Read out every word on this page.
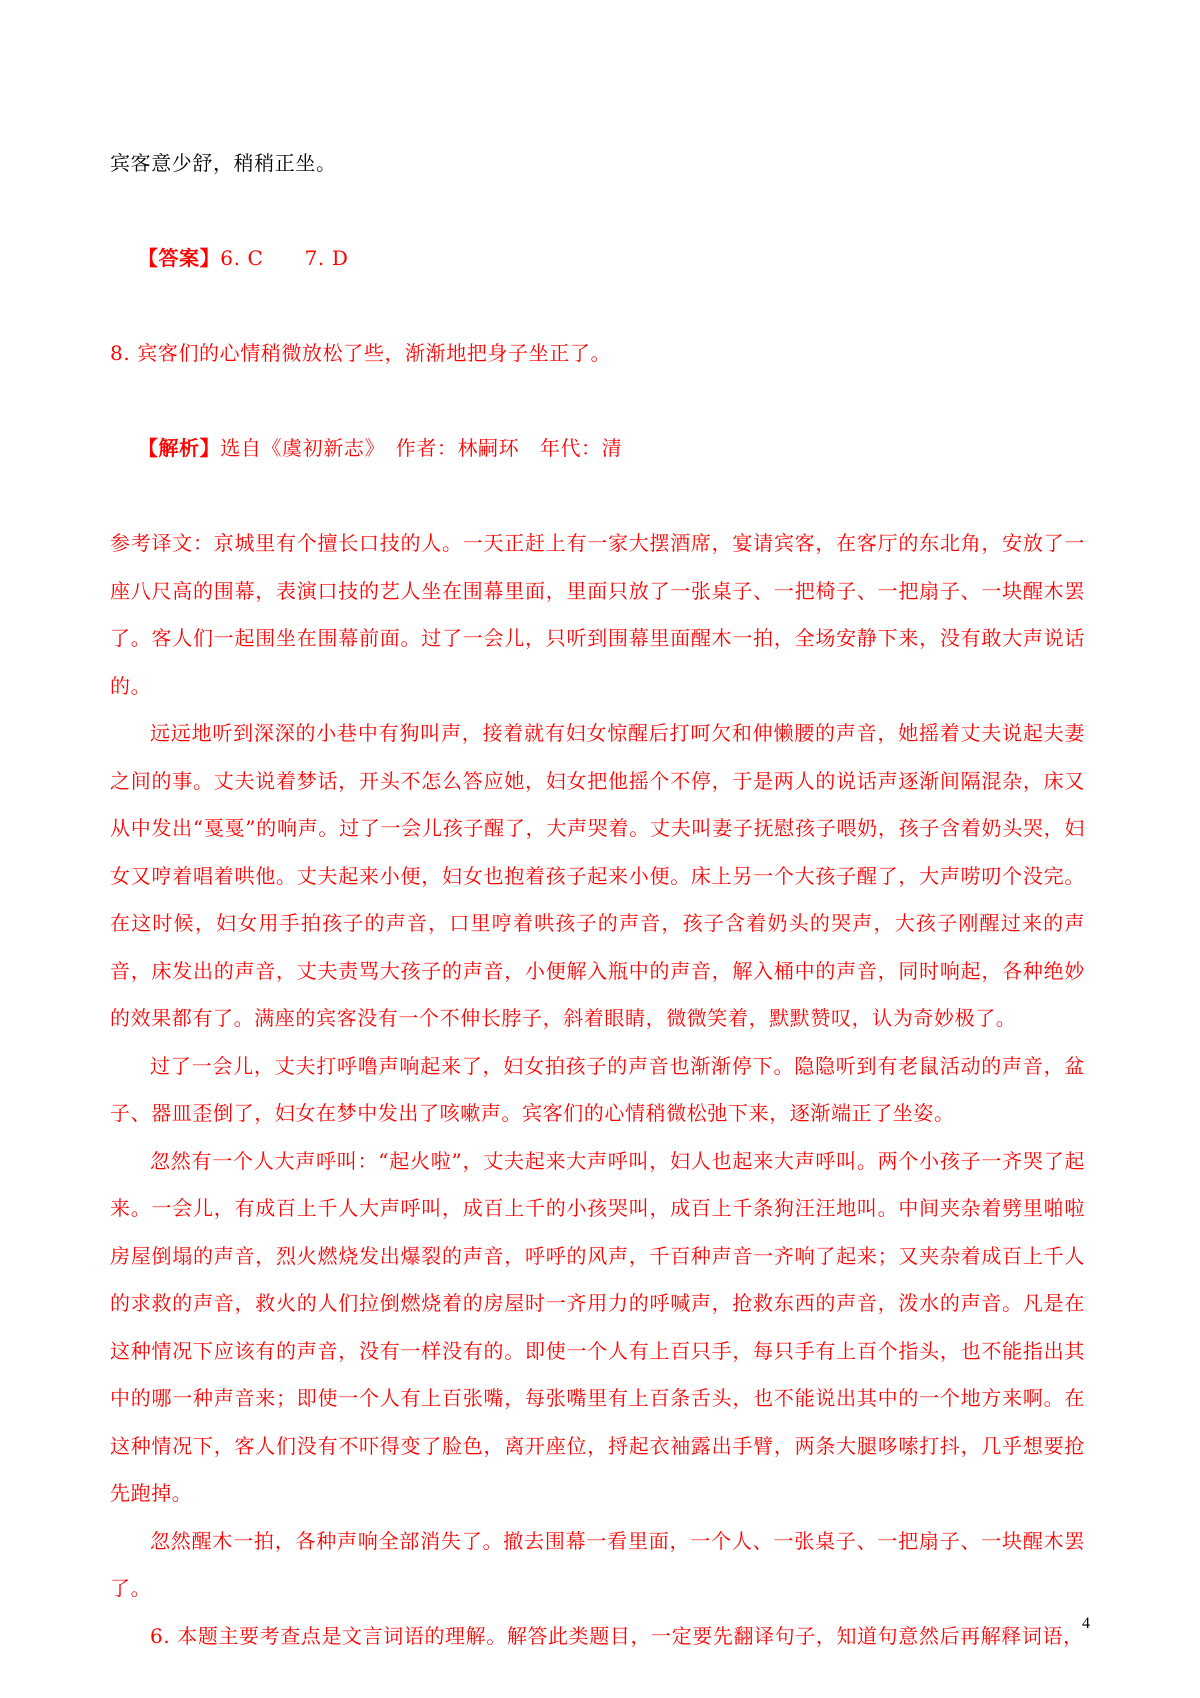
宾客意少舒，稍稍正坐。

【答案】6. C　　7. D

8. 宾客们的心情稍微放松了些，渐渐地把身子坐正了。

【解析】选自《虞初新志》　作者：林嗣环　年代：清

参考译文：京城里有个擅长口技的人。一天正赶上有一家大摆酒席，宴请宾客，在客厅的东北角，安放了一座八尺高的围幕，表演口技的艺人坐在围幕里面，里面只放了一张桌子、一把椅子、一把扇子、一块醒木罢了。客人们一起围坐在围幕前面。过了一会儿，只听到围幕里面醒木一拍，全场安静下来，没有敢大声说话的。
远远地听到深深的小巷中有狗叫声，接着就有妇女惊醒后打呵欠和伸懒腰的声音，她摇着丈夫说起夫妻之间的事。丈夫说着梦话，开头不怎么答应她，妇女把他摇个不停，于是两人的说话声逐渐间隔混杂，床又从中发出“戛戛”的响声。过了一会儿孩子醒了，大声哭着。丈夫叫妻子抚慰孩子喂奶，孩子含着奶头哭，妇女又哼着唱着哄他。丈夫起来小便，妇女也抱着孩子起来小便。床上另一个大孩子醒了，大声唠叨个没完。在这时候，妇女用手拍孩子的声音，口里哼着哄孩子的声音，孩子含着奶头的哭声，大孩子刚醒过来的声音，床发出的声音，丈夫责骂大孩子的声音，小便解入瓶中的声音，解入桶中的声音，同时响起，各种绝妙的效果都有了。满座的宾客没有一个不伸长脖子，斜着眼睛，微微笑着，默默赞叹，认为奇妙极了。
过了一会儿，丈夫打呼噜声响起来了，妇女拍孩子的声音也渐渐停下。隐隐听到有老鼠活动的声音，盆子、器皿歪倒了，妇女在梦中发出了咳嗽声。宾客们的心情稍微松弛下来，逐渐端正了坐姿。
忽然有一个人大声呼叫：“起火啦”，丈夫起来大声呼叫，妇人也起来大声呼叫。两个小孩子一齐哭了起来。一会儿，有成百上千人大声呼叫，成百上千的小孩哭叫，成百上千条狗汪汪地叫。中间夹杂着劈里啪啦房屋倒塌的声音，烈火燃烧发出爆裂的声音，呼呼的风声，千百种声音一齐响了起来；又夹杂着成百上千人的求救的声音，救火的人们拉倒燃烧着的房屋时一齐用力的呼喊声，抢救东西的声音，泼水的声音。凡是在这种情况下应该有的声音，没有一样没有的。即使一个人有上百只手，每只手有上百个指头，也不能指出其中的哪一种声音来；即使一个人有上百张嘴，每张嘴里有上百条舌头，也不能说出其中的一个地方来啊。在这种情况下，客人们没有不吓得变了脸色，离开座位，捋起衣袖露出手臂，两条大腿哆嗦打抖，几乎想要抢先跑掉。
忽然醒木一拍，各种声响全部消失了。撤去围幕一看里面，一个人、一张桌子、一把扇子、一块醒木罢了。
6. 本题主要考查点是文言词语的理解。解答此类题目，一定要先翻译句子，知道句意然后再解释词语，
4
